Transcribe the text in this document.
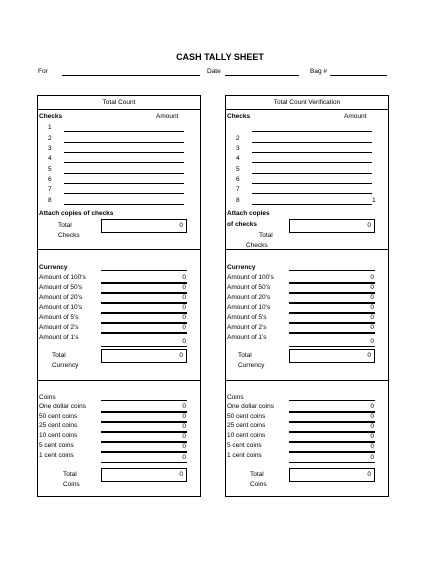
CASH TALLY SHEET
For	Date	Bag #
Total Count
Checks	Amount
1
2
3
4
5
6
7
8
Attach copies of checks
Total
Checks
0
Currency
Amount of 100's	0
Amount of 50's	0
Amount of 20's	0
Amount of 10's	0
Amount of 5's	0
Amount of 2's	0
Amount of 1's
0
Total
Currency
0
Coins
One dollar coins	0
50 cent coins	0
25 cent coins	0
10 cent coins	0
5 cent coins	0
1 cent coins	0
Total
Coins
0
Total Count Verification
Checks	Amount
2
3
4
5
6
7
8	1
Attach copies
of checks
Total
Checks
0
Currency
Amount of 100's	0
Amount of 50's	0
Amount of 20's	0
Amount of 10's	0
Amount of 5's	0
Amount of 2's	0
Amount of 1's
0
Total
Currency
0
Coins
One dollar coins	0
50 cent coins	0
25 cent coins	0
10 cent coins	0
5 cent coins	0
1 cent coins	0
Total
Coins
0
